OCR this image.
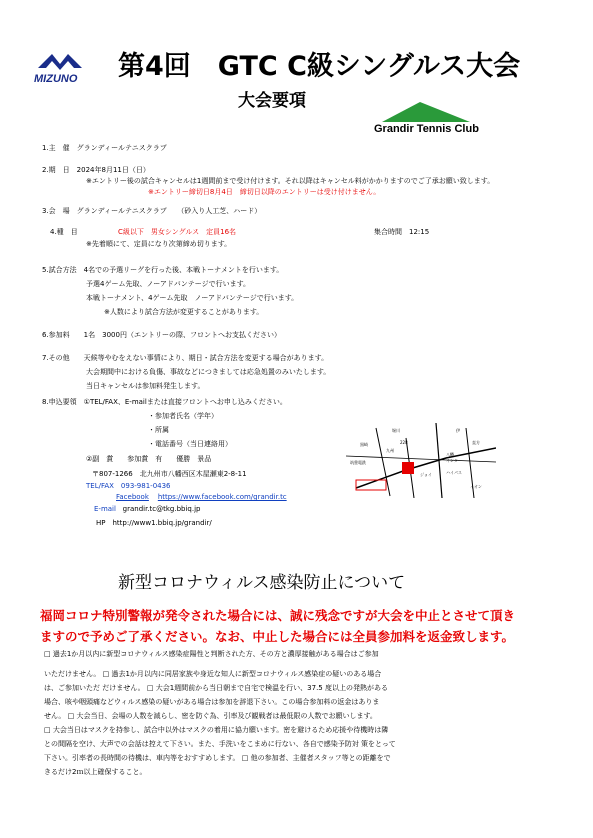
MIZUNO 第4回　GTC C級シングルス大会
大会要項
Grandir Tennis Club
1.主　催　グランディールテニスクラブ
2.期　日　2024年8月11日（日）
※エントリー後の試合キャンセルは1週間前まで受け付けます。それ以降はキャンセル料がかかりますのでご了承お願い致します。
※エントリー締切日8月4日　締切日以降のエントリーは受け付けません。
3.会　場　グランディールテニスクラブ　　（砂入り人工芝、ハード）
4.種　目	C級以下　男女シングルス　定員16名	集合時間　12:15
※先着順にて、定員になり次第締め切ります。
5.試合方法　4名での予選リーグを行った後、本戦トーナメントを行います。
予選4ゲーム先取、ノーアドバンテージで行います。
本戦トーナメント、4ゲーム先取　ノーアドバンテージで行います。
※人数により試合方法が変更することがあります。
6.参加料　　1名　3000円（エントリーの際、フロントへお支払ください）
7.その他　　天候等やむをえない事情により、期日・試合方法を変更する場合があります。
大会期間中における負傷、事故などにつきましては応急処置のみいたします。
当日キャンセルは参加料発生します。
8.申込要領　①TEL/FAX、E-mailまたは直接フロントへお申し込みください。
・参加者氏名（学年）
・所属
・電話番号（当日連絡用）
②副　賞　　参加賞　有　　優勝　景品
〒807-1266　北九州市八幡西区木屋瀬東2-8-11
TEL/FAX　093-981-0436
Facebook https://www.facebook.com/grandir.tc
E-mail grandir.tc@tkg.bbiq.jp
HP　http://www1.bbiq.jp/grandir/
堀川
228
九州
伊
筑豊電鉄
ジョイ
八幡
インター
ハイパス
イオン
直方
黒崎
新型コロナウィルス感染防止について
福岡コロナ特別警報が発令された場合には、誠に残念ですが大会を中止とさせて頂き
ますので予めご了承ください。なお、中止した場合には全員参加料を返金致します。
□ 過去1か月以内に新型コロナウィルス感染症陽性と判断された方、その方と濃厚接触がある場合はご参加
いただけません。 □ 過去1か月以内に同居家族や身近な知人に新型コロナウィルス感染症の疑いのある場合
は、ご参加いただ だけません。 □ 大会1週間前から当日朝まで自宅で検温を行い、37.5 度以上の発熱がある
場合、咳や咽頭痛などウィルス感染の疑いがある場合は参加を辞退下さい。この場合参加料の返金はありま
せん。 □ 大会当日、会場の人数を減らし、密を防ぐ為、引率及び観戦者は最低限の人数でお願いします。
□ 大会当日はマスクを持参し、試合中以外はマスクの着用に協力願います。密を避けるため応援や待機時は隣
との間隔を空け、大声での会話は控えて下さい。また、手洗いをこまめに行ない、各自で感染予防対 策をとって
下さい。引率者の長時間の待機は、車内等をおすすめします。 □ 他の参加者、主催者スタッフ等との距離をで
きるだけ2ｍ以上確保すること。
